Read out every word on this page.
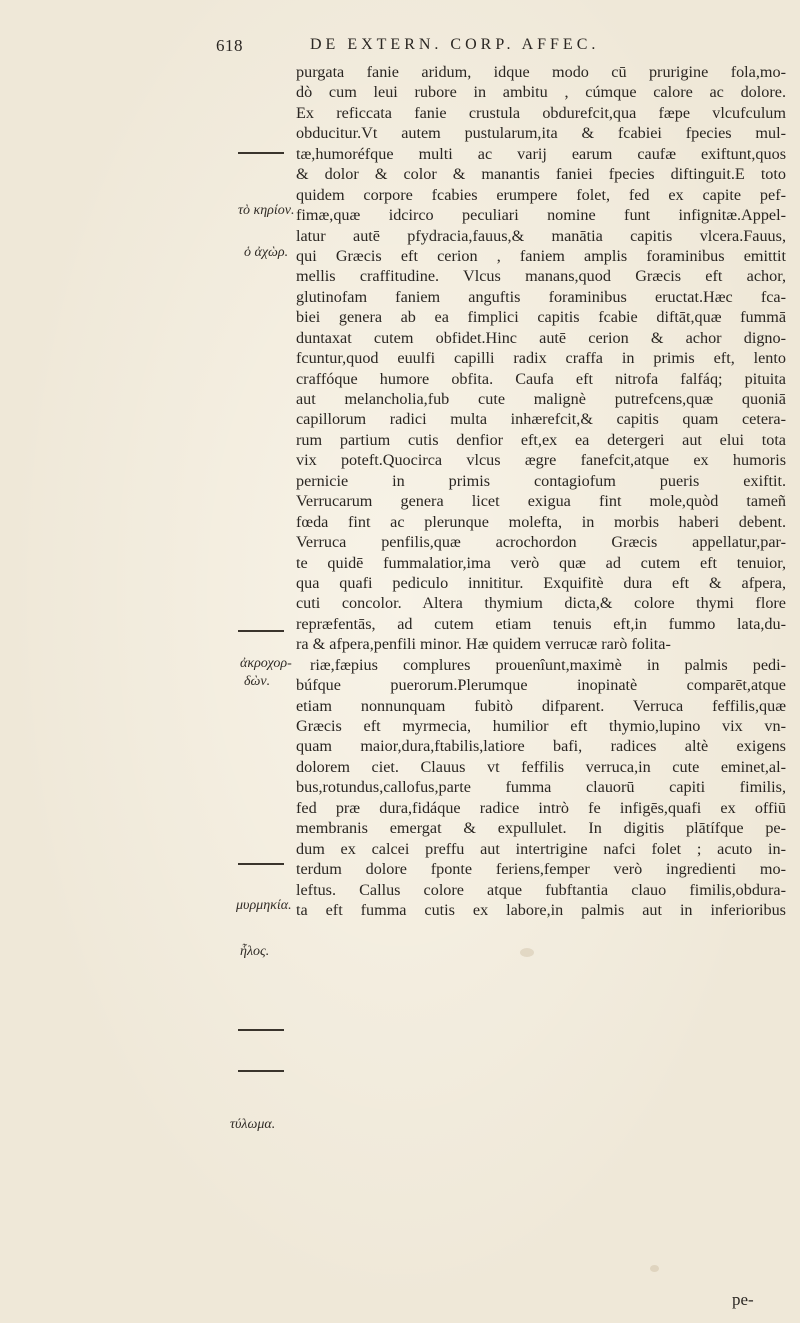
618	DE EXTERN. CORP. AFFEC.
τὸ κηρίον.
ὁ ἀχὼρ.
ἀκροχορ-
δὼν.
μυρμηκία.
ἧλος.
τύλωμα.
purgata fanie aridum, idque modo cū prurigine fola,mo-
dò cum leui rubore in ambitu , cúmque calore ac dolore.
Ex reficcata fanie crustula obdurefcit,qua fæpe vlcufculum
obducitur.Vt autem pustularum,ita & fcabiei fpecies mul-
tæ,humoréfque multi ac varij earum caufæ exiftunt,quos
& dolor & color & manantis faniei fpecies diftinguit.E toto
quidem corpore fcabies erumpere folet, fed ex capite pef-
fimæ,quæ idcirco peculiari nomine funt infignitæ.Appel-
latur autē pfydracia,fauus,& manātia capitis vlcera.Fauus,
qui Græcis eft cerion , faniem amplis foraminibus emittit
mellis craffitudine. Vlcus manans,quod Græcis eft achor,
glutinofam faniem anguftis foraminibus eructat.Hæc fca-
biei genera ab ea fimplici capitis fcabie diftāt,quæ fummā
duntaxat cutem obfidet.Hinc autē cerion & achor digno-
fcuntur,quod euulfi capilli radix craffa in primis eft, lento
craffóque humore obfita. Caufa eft nitrofa falfáq; pituita
aut melancholia,fub cute malignè putrefcens,quæ quoniā
capillorum radici multa inhærefcit,& capitis quam cetera-
rum partium cutis denfior eft,ex ea detergeri aut elui tota
vix poteft.Quocirca vlcus ægre fanefcit,atque ex humoris
pernicie in primis contagiofum pueris exiftit.
Verrucarum genera licet exigua fint mole,quòd tameñ
fœda fint ac plerunque molefta, in morbis haberi debent.
Verruca penfilis,quæ acrochordon Græcis appellatur,par-
te quidē fummalatior,ima verò quæ ad cutem eft tenuior,
qua quafi pediculo innititur. Exquifitè dura eft & afpera,
cuti concolor. Altera thymium dicta,& colore thymi flore
repræfentās, ad cutem etiam tenuis eft,in fummo lata,du-
ra & afpera,penfili minor. Hæ quidem verrucæ rarò folita-
riæ,fæpius complures prouenîunt,maximè in palmis pedi-
búfque puerorum.Plerumque inopinatè comparēt,atque
etiam nonnunquam fubitò difparent. Verruca feffilis,quæ
Græcis eft myrmecia, humilior eft thymio,lupino vix vn-
quam maior,dura,ftabilis,latiore bafi, radices altè exigens
dolorem ciet. Clauus vt feffilis verruca,in cute eminet,al-
bus,rotundus,callofus,parte fumma clauorū capiti fimilis,
fed præ dura,fidáque radice intrò fe infigēs,quafi ex offiū
membranis emergat & expullulet. In digitis plātífque pe-
dum ex calcei preffu aut intertrigine nafci folet ; acuto in-
terdum dolore fponte feriens,femper verò ingredienti mo-
leftus. Callus colore atque fubftantia clauo fimilis,obdura-
ta eft fumma cutis ex labore,in palmis aut in inferioribus
pe-
